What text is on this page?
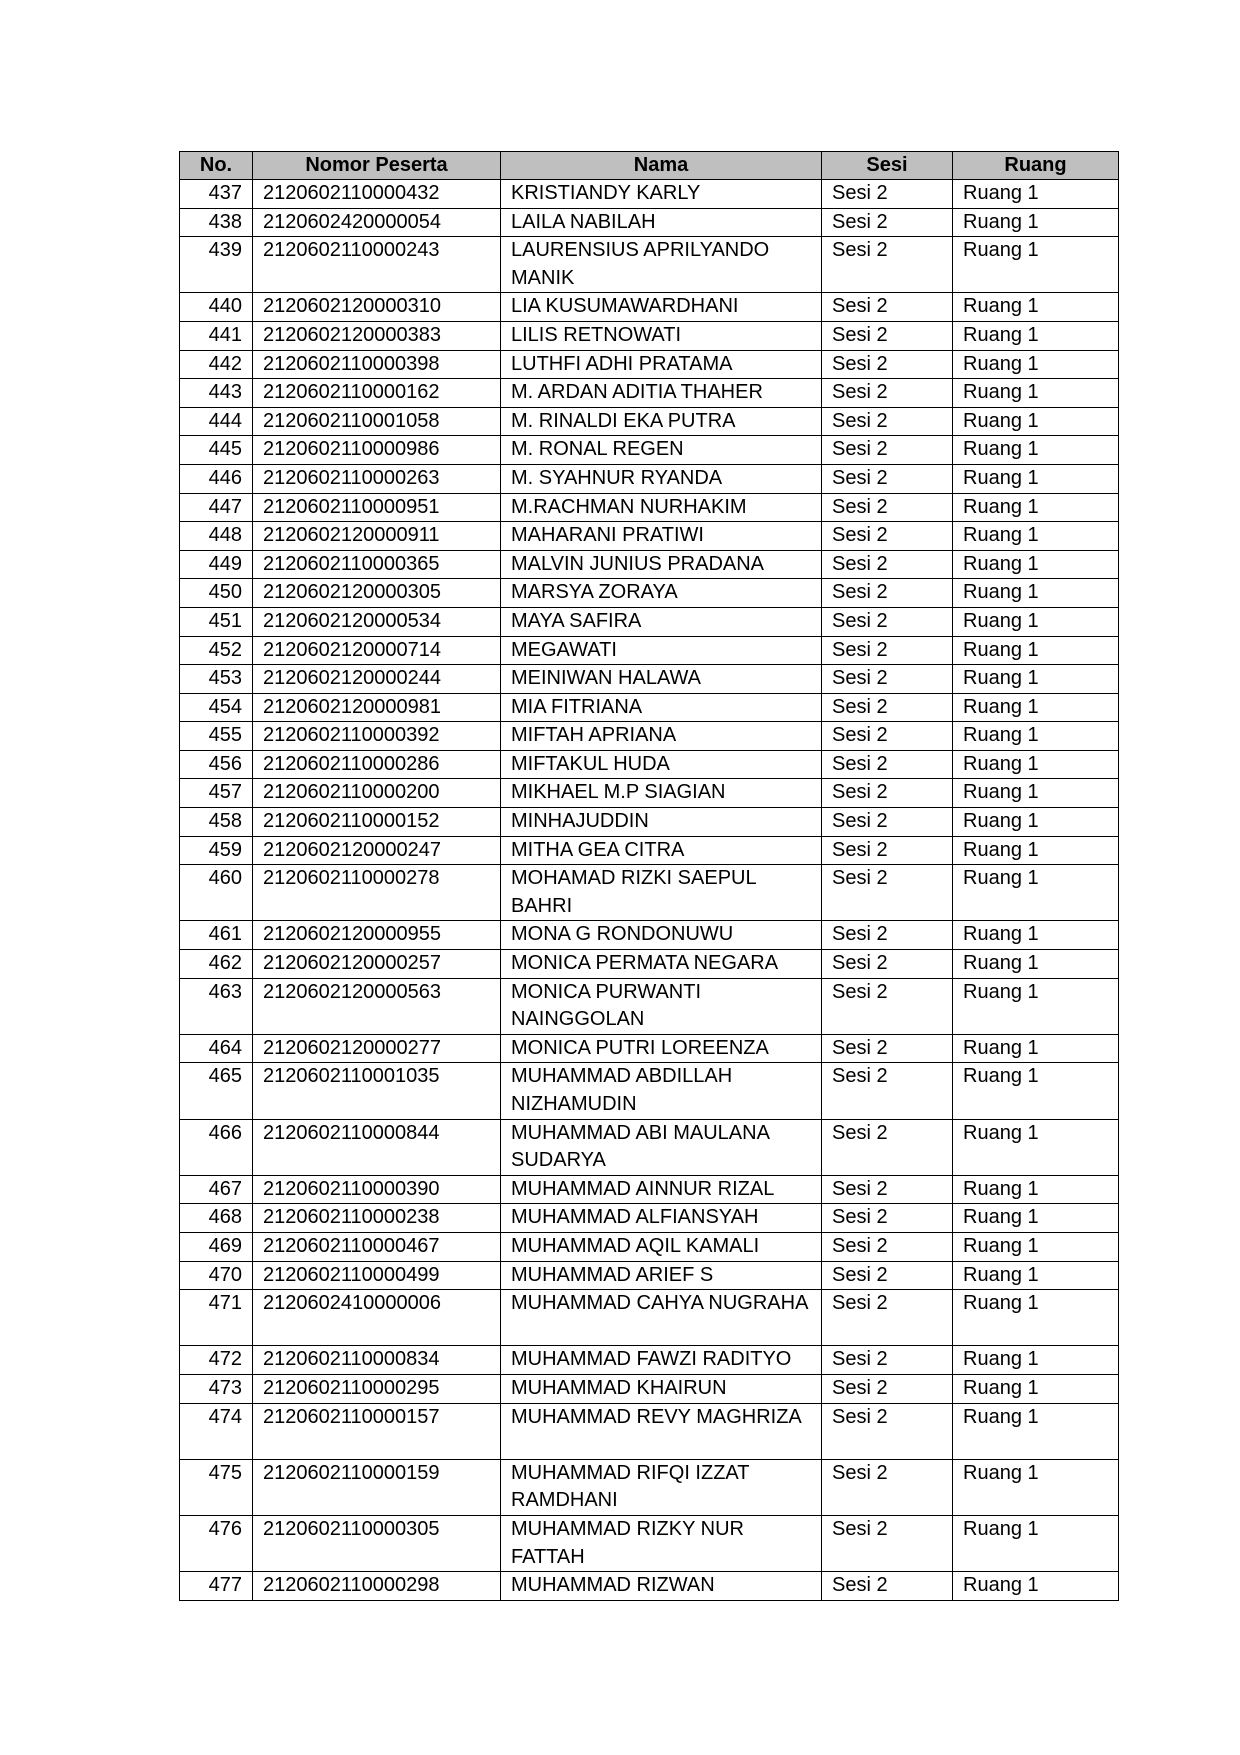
No.	Nomor Peserta	Nama	Sesi	Ruang
437	2120602110000432	KRISTIANDY KARLY	Sesi 2	Ruang 1
438	2120602420000054	LAILA NABILAH	Sesi 2	Ruang 1
439	2120602110000243	LAURENSIUS APRILYANDO MANIK	Sesi 2	Ruang 1
440	2120602120000310	LIA KUSUMAWARDHANI	Sesi 2	Ruang 1
441	2120602120000383	LILIS RETNOWATI	Sesi 2	Ruang 1
442	2120602110000398	LUTHFI ADHI PRATAMA	Sesi 2	Ruang 1
443	2120602110000162	M. ARDAN ADITIA THAHER	Sesi 2	Ruang 1
444	2120602110001058	M. RINALDI EKA PUTRA	Sesi 2	Ruang 1
445	2120602110000986	M. RONAL REGEN	Sesi 2	Ruang 1
446	2120602110000263	M. SYAHNUR RYANDA	Sesi 2	Ruang 1
447	2120602110000951	M.RACHMAN NURHAKIM	Sesi 2	Ruang 1
448	2120602120000911	MAHARANI PRATIWI	Sesi 2	Ruang 1
449	2120602110000365	MALVIN JUNIUS PRADANA	Sesi 2	Ruang 1
450	2120602120000305	MARSYA ZORAYA	Sesi 2	Ruang 1
451	2120602120000534	MAYA SAFIRA	Sesi 2	Ruang 1
452	2120602120000714	MEGAWATI	Sesi 2	Ruang 1
453	2120602120000244	MEINIWAN HALAWA	Sesi 2	Ruang 1
454	2120602120000981	MIA FITRIANA	Sesi 2	Ruang 1
455	2120602110000392	MIFTAH APRIANA	Sesi 2	Ruang 1
456	2120602110000286	MIFTAKUL HUDA	Sesi 2	Ruang 1
457	2120602110000200	MIKHAEL M.P SIAGIAN	Sesi 2	Ruang 1
458	2120602110000152	MINHAJUDDIN	Sesi 2	Ruang 1
459	2120602120000247	MITHA GEA CITRA	Sesi 2	Ruang 1
460	2120602110000278	MOHAMAD RIZKI SAEPUL BAHRI	Sesi 2	Ruang 1
461	2120602120000955	MONA G RONDONUWU	Sesi 2	Ruang 1
462	2120602120000257	MONICA PERMATA NEGARA	Sesi 2	Ruang 1
463	2120602120000563	MONICA PURWANTI NAINGGOLAN	Sesi 2	Ruang 1
464	2120602120000277	MONICA PUTRI LOREENZA	Sesi 2	Ruang 1
465	2120602110001035	MUHAMMAD ABDILLAH NIZHAMUDIN	Sesi 2	Ruang 1
466	2120602110000844	MUHAMMAD ABI MAULANA SUDARYA	Sesi 2	Ruang 1
467	2120602110000390	MUHAMMAD AINNUR RIZAL	Sesi 2	Ruang 1
468	2120602110000238	MUHAMMAD ALFIANSYAH	Sesi 2	Ruang 1
469	2120602110000467	MUHAMMAD AQIL KAMALI	Sesi 2	Ruang 1
470	2120602110000499	MUHAMMAD ARIEF S	Sesi 2	Ruang 1
471	2120602410000006	MUHAMMAD CAHYA NUGRAHA	Sesi 2	Ruang 1
472	2120602110000834	MUHAMMAD FAWZI RADITYO	Sesi 2	Ruang 1
473	2120602110000295	MUHAMMAD KHAIRUN	Sesi 2	Ruang 1
474	2120602110000157	MUHAMMAD REVY MAGHRIZA	Sesi 2	Ruang 1
475	2120602110000159	MUHAMMAD RIFQI IZZAT RAMDHANI	Sesi 2	Ruang 1
476	2120602110000305	MUHAMMAD RIZKY NUR FATTAH	Sesi 2	Ruang 1
477	2120602110000298	MUHAMMAD RIZWAN	Sesi 2	Ruang 1
